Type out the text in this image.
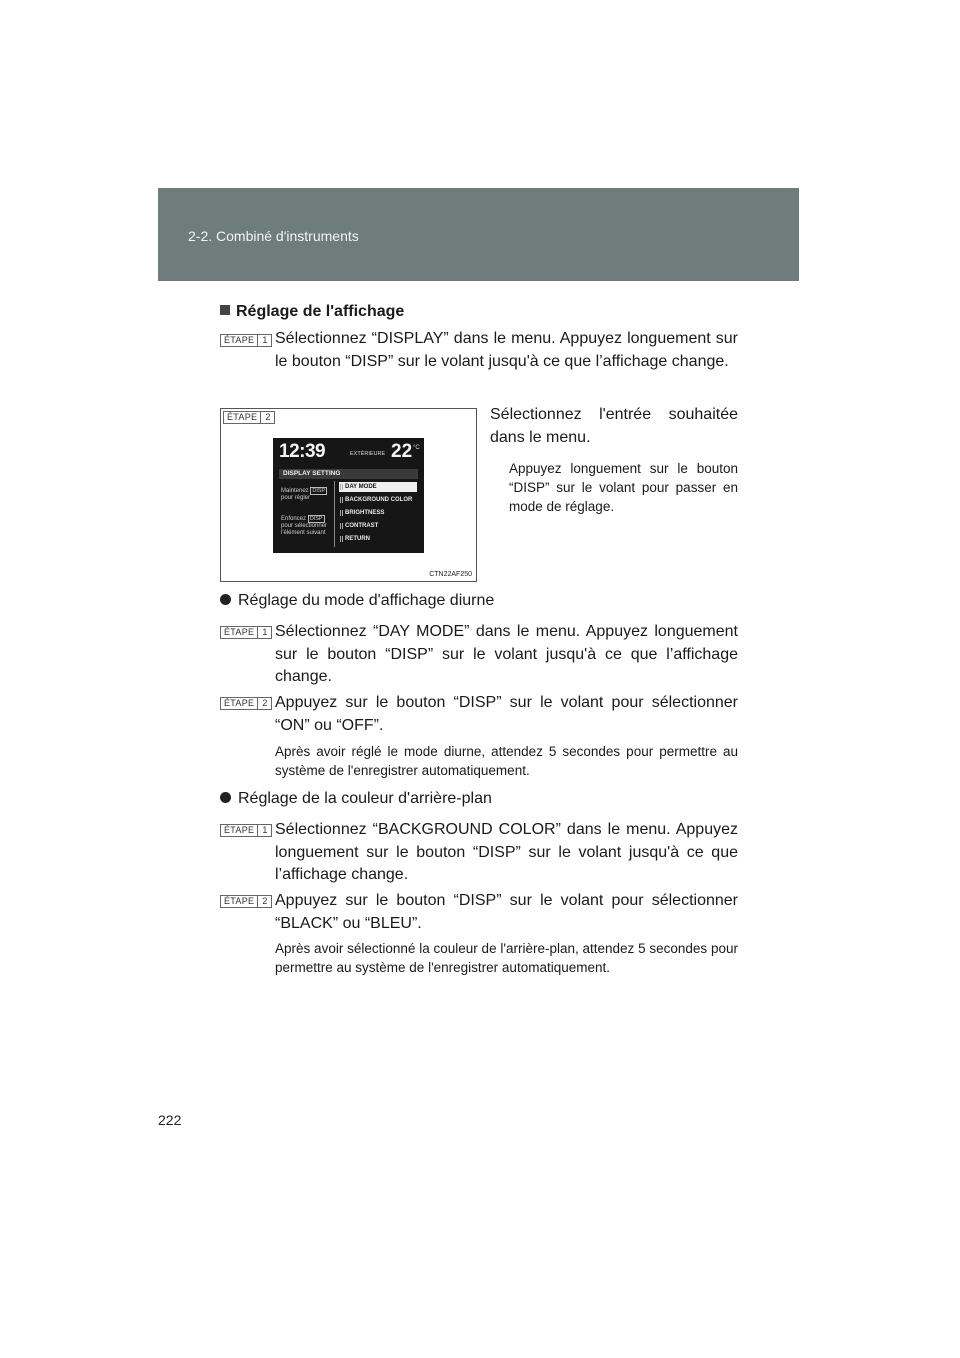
2-2. Combiné d'instruments
Réglage de l'affichage
ÉTAPE 1 Sélectionnez “DISPLAY” dans le menu. Appuyez longuement sur le bouton “DISP” sur le volant jusqu'à ce que l’affichage change.
Sélectionnez l'entrée souhaitée dans le menu.
Appuyez longuement sur le bouton “DISP” sur le volant pour passer en mode de réglage.
Réglage du mode d'affichage diurne
ÉTAPE 1 Sélectionnez “DAY MODE” dans le menu. Appuyez longuement sur le bouton “DISP” sur le volant jusqu'à ce que l’affichage change.
ÉTAPE 2 Appuyez sur le bouton “DISP” sur le volant pour sélectionner “ON” ou “OFF”.
Après avoir réglé le mode diurne, attendez 5 secondes pour permettre au système de l'enregistrer automatiquement.
Réglage de la couleur d'arrière-plan
ÉTAPE 1 Sélectionnez “BACKGROUND COLOR” dans le menu. Appuyez longuement sur le bouton “DISP” sur le volant jusqu'à ce que l’affichage change.
ÉTAPE 2 Appuyez sur le bouton “DISP” sur le volant pour sélectionner “BLACK” ou “BLEU”.
Après avoir sélectionné la couleur de l'arrière-plan, attendez 5 secondes pour permettre au système de l'enregistrer automatiquement.
ÉTAPE 2
12:39	EXTÉRIEURE 22 °C
DISPLAY SETTING
Maintenez DISP
pour régler
Enfoncez DISP
pour sélectionner
l'élément suivant
DAY MODE
BACKGROUND COLOR
BRIGHTNESS
CONTRAST
RETURN
CTN22AF250
222
